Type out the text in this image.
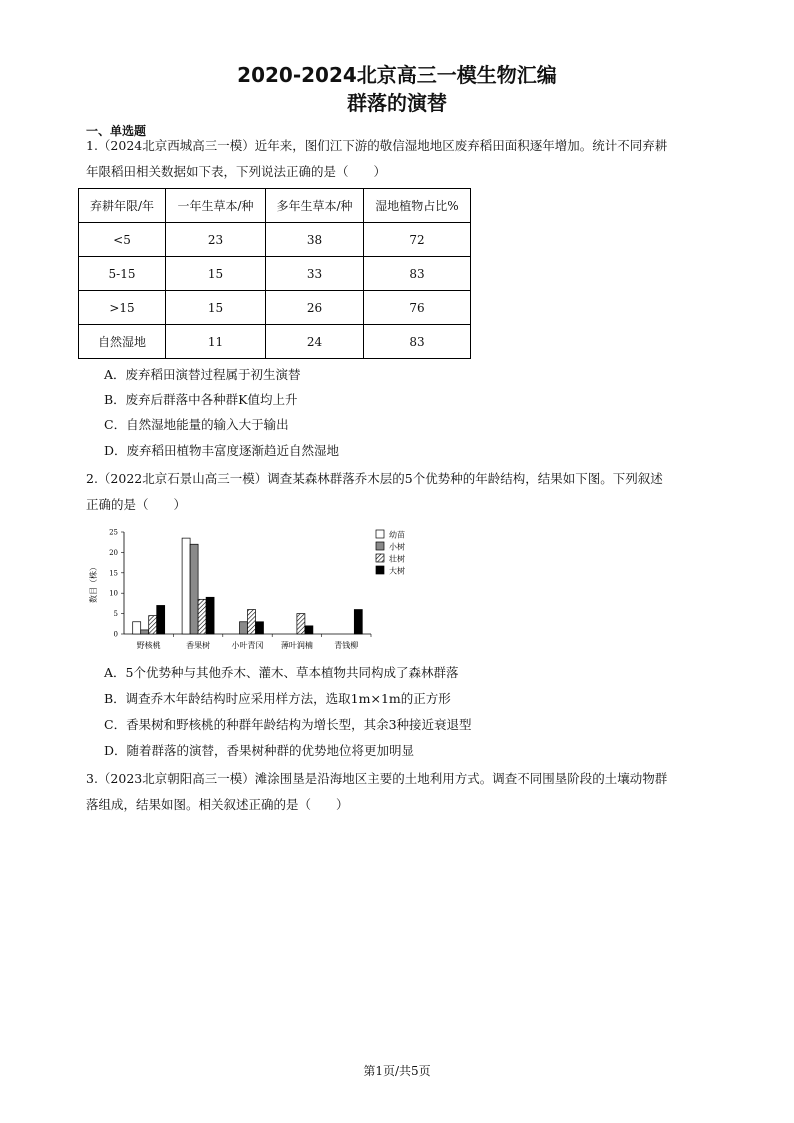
2020-2024北京高三一模生物汇编
群落的演替
一、单选题
1.（2024北京西城高三一模）近年来，图们江下游的敬信湿地地区废弃稻田面积逐年增加。统计不同弃耕
年限稻田相关数据如下表，下列说法正确的是（　　）
弃耕年限/年	一年生草本/种	多年生草本/种	湿地植物占比%
<5	23	38	72
5-15	15	33	83
>15	15	26	76
自然湿地	11	24	83
A．废弃稻田演替过程属于初生演替
B．废弃后群落中各种群K值均上升
C．自然湿地能量的输入大于输出
D．废弃稻田植物丰富度逐渐趋近自然湿地
2.（2022北京石景山高三一模）调查某森林群落乔木层的5个优势种的年龄结构，结果如下图。下列叙述
正确的是（　　）
0
5
10
15
20
25
数目（株）
野核桃	香果树	小叶青冈 薄叶润楠	青钱柳
幼苗
小树
壮树
大树
A．5个优势种与其他乔木、灌木、草本植物共同构成了森林群落
B．调查乔木年龄结构时应采用样方法，选取1m×1m的正方形
C．香果树和野核桃的种群年龄结构为增长型，其余3种接近衰退型
D．随着群落的演替，香果树种群的优势地位将更加明显
3.（2023北京朝阳高三一模）滩涂围垦是沿海地区主要的土地利用方式。调查不同围垦阶段的土壤动物群
落组成，结果如图。相关叙述正确的是（　　）
第1页/共5页
